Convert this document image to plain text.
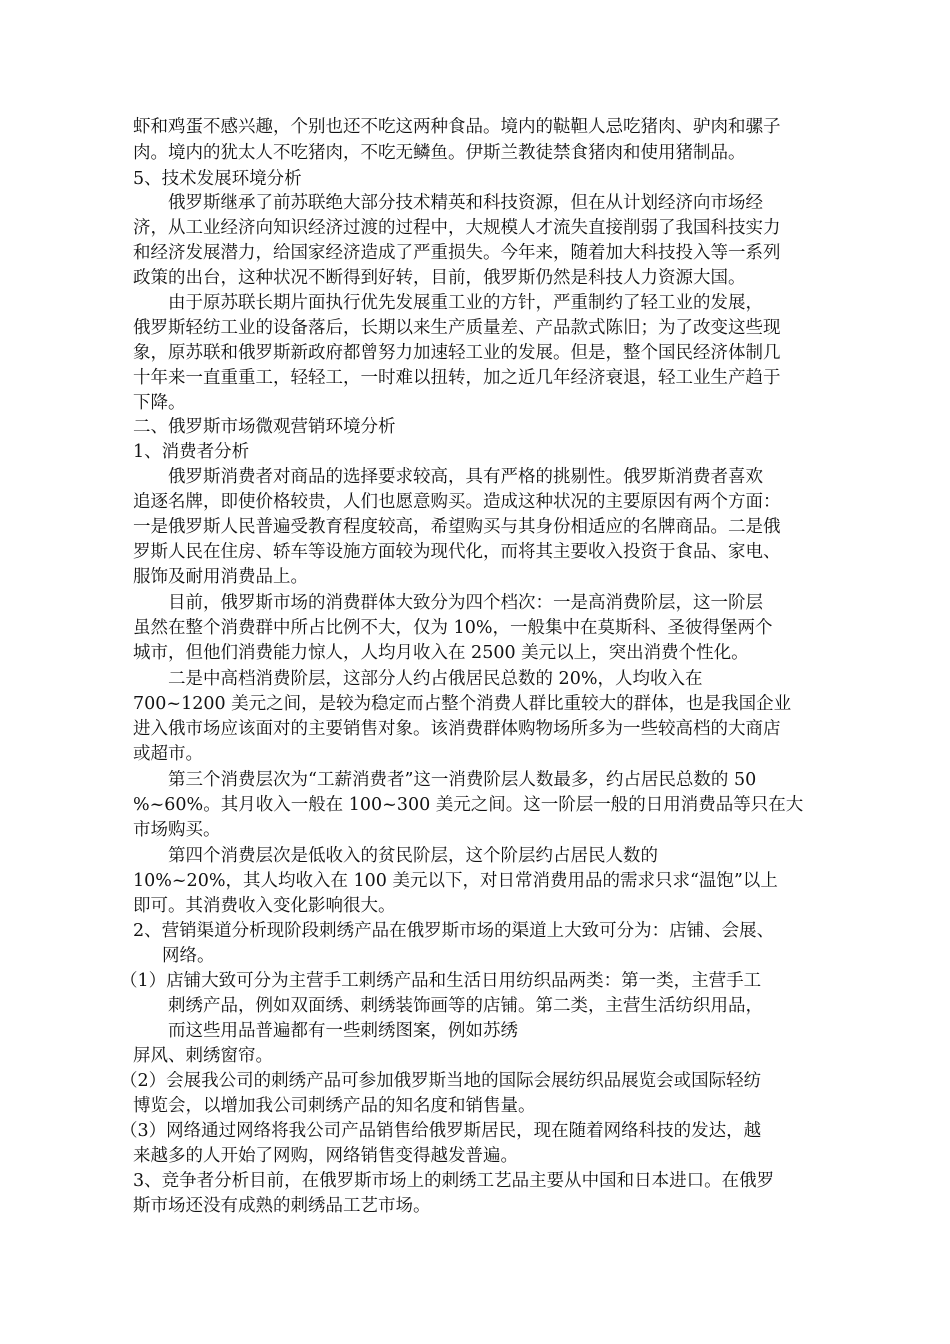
虾和鸡蛋不感兴趣，个别也还不吃这两种食品。境内的鞑靼人忌吃猪肉、驴肉和骡子
肉。境内的犹太人不吃猪肉，不吃无鳞鱼。伊斯兰教徒禁食猪肉和使用猪制品。
5、技术发展环境分析
俄罗斯继承了前苏联绝大部分技术精英和科技资源，但在从计划经济向市场经
济，从工业经济向知识经济过渡的过程中，大规模人才流失直接削弱了我国科技实力
和经济发展潜力，给国家经济造成了严重损失。今年来，随着加大科技投入等一系列
政策的出台，这种状况不断得到好转，目前，俄罗斯仍然是科技人力资源大国。
由于原苏联长期片面执行优先发展重工业的方针，严重制约了轻工业的发展，
俄罗斯轻纺工业的设备落后，长期以来生产质量差、产品款式陈旧；为了改变这些现
象，原苏联和俄罗斯新政府都曾努力加速轻工业的发展。但是，整个国民经济体制几
十年来一直重重工，轻轻工，一时难以扭转，加之近几年经济衰退，轻工业生产趋于
下降。
二、俄罗斯市场微观营销环境分析
1、消费者分析
俄罗斯消费者对商品的选择要求较高，具有严格的挑剔性。俄罗斯消费者喜欢
追逐名牌，即使价格较贵，人们也愿意购买。造成这种状况的主要原因有两个方面：
一是俄罗斯人民普遍受教育程度较高，希望购买与其身份相适应的名牌商品。二是俄
罗斯人民在住房、轿车等设施方面较为现代化，而将其主要收入投资于食品、家电、
服饰及耐用消费品上。
目前，俄罗斯市场的消费群体大致分为四个档次：一是高消费阶层，这一阶层
虽然在整个消费群中所占比例不大，仅为 10%，一般集中在莫斯科、圣彼得堡两个
城市，但他们消费能力惊人，人均月收入在 2500 美元以上，突出消费个性化。
二是中高档消费阶层，这部分人约占俄居民总数的 20%，人均收入在
700~1200 美元之间，是较为稳定而占整个消费人群比重较大的群体，也是我国企业
进入俄市场应该面对的主要销售对象。该消费群体购物场所多为一些较高档的大商店
或超市。
第三个消费层次为“工薪消费者”这一消费阶层人数最多，约占居民总数的 50
%~60%。其月收入一般在 100~300 美元之间。这一阶层一般的日用消费品等只在大
市场购买。
第四个消费层次是低收入的贫民阶层，这个阶层约占居民人数的
10%~20%，其人均收入在 100 美元以下，对日常消费用品的需求只求“温饱”以上
即可。其消费收入变化影响很大。
2、营销渠道分析现阶段刺绣产品在俄罗斯市场的渠道上大致可分为：店铺、会展、
网络。
（1）店铺大致可分为主营手工刺绣产品和生活日用纺织品两类：第一类，主营手工
刺绣产品，例如双面绣、刺绣装饰画等的店铺。第二类，主营生活纺织用品，
而这些用品普遍都有一些刺绣图案，例如苏绣
屏风、刺绣窗帘。
（2）会展我公司的刺绣产品可参加俄罗斯当地的国际会展纺织品展览会或国际轻纺
博览会，以增加我公司刺绣产品的知名度和销售量。
（3）网络通过网络将我公司产品销售给俄罗斯居民，现在随着网络科技的发达，越
来越多的人开始了网购，网络销售变得越发普遍。
3、竞争者分析目前，在俄罗斯市场上的刺绣工艺品主要从中国和日本进口。在俄罗
斯市场还没有成熟的刺绣品工艺市场。
